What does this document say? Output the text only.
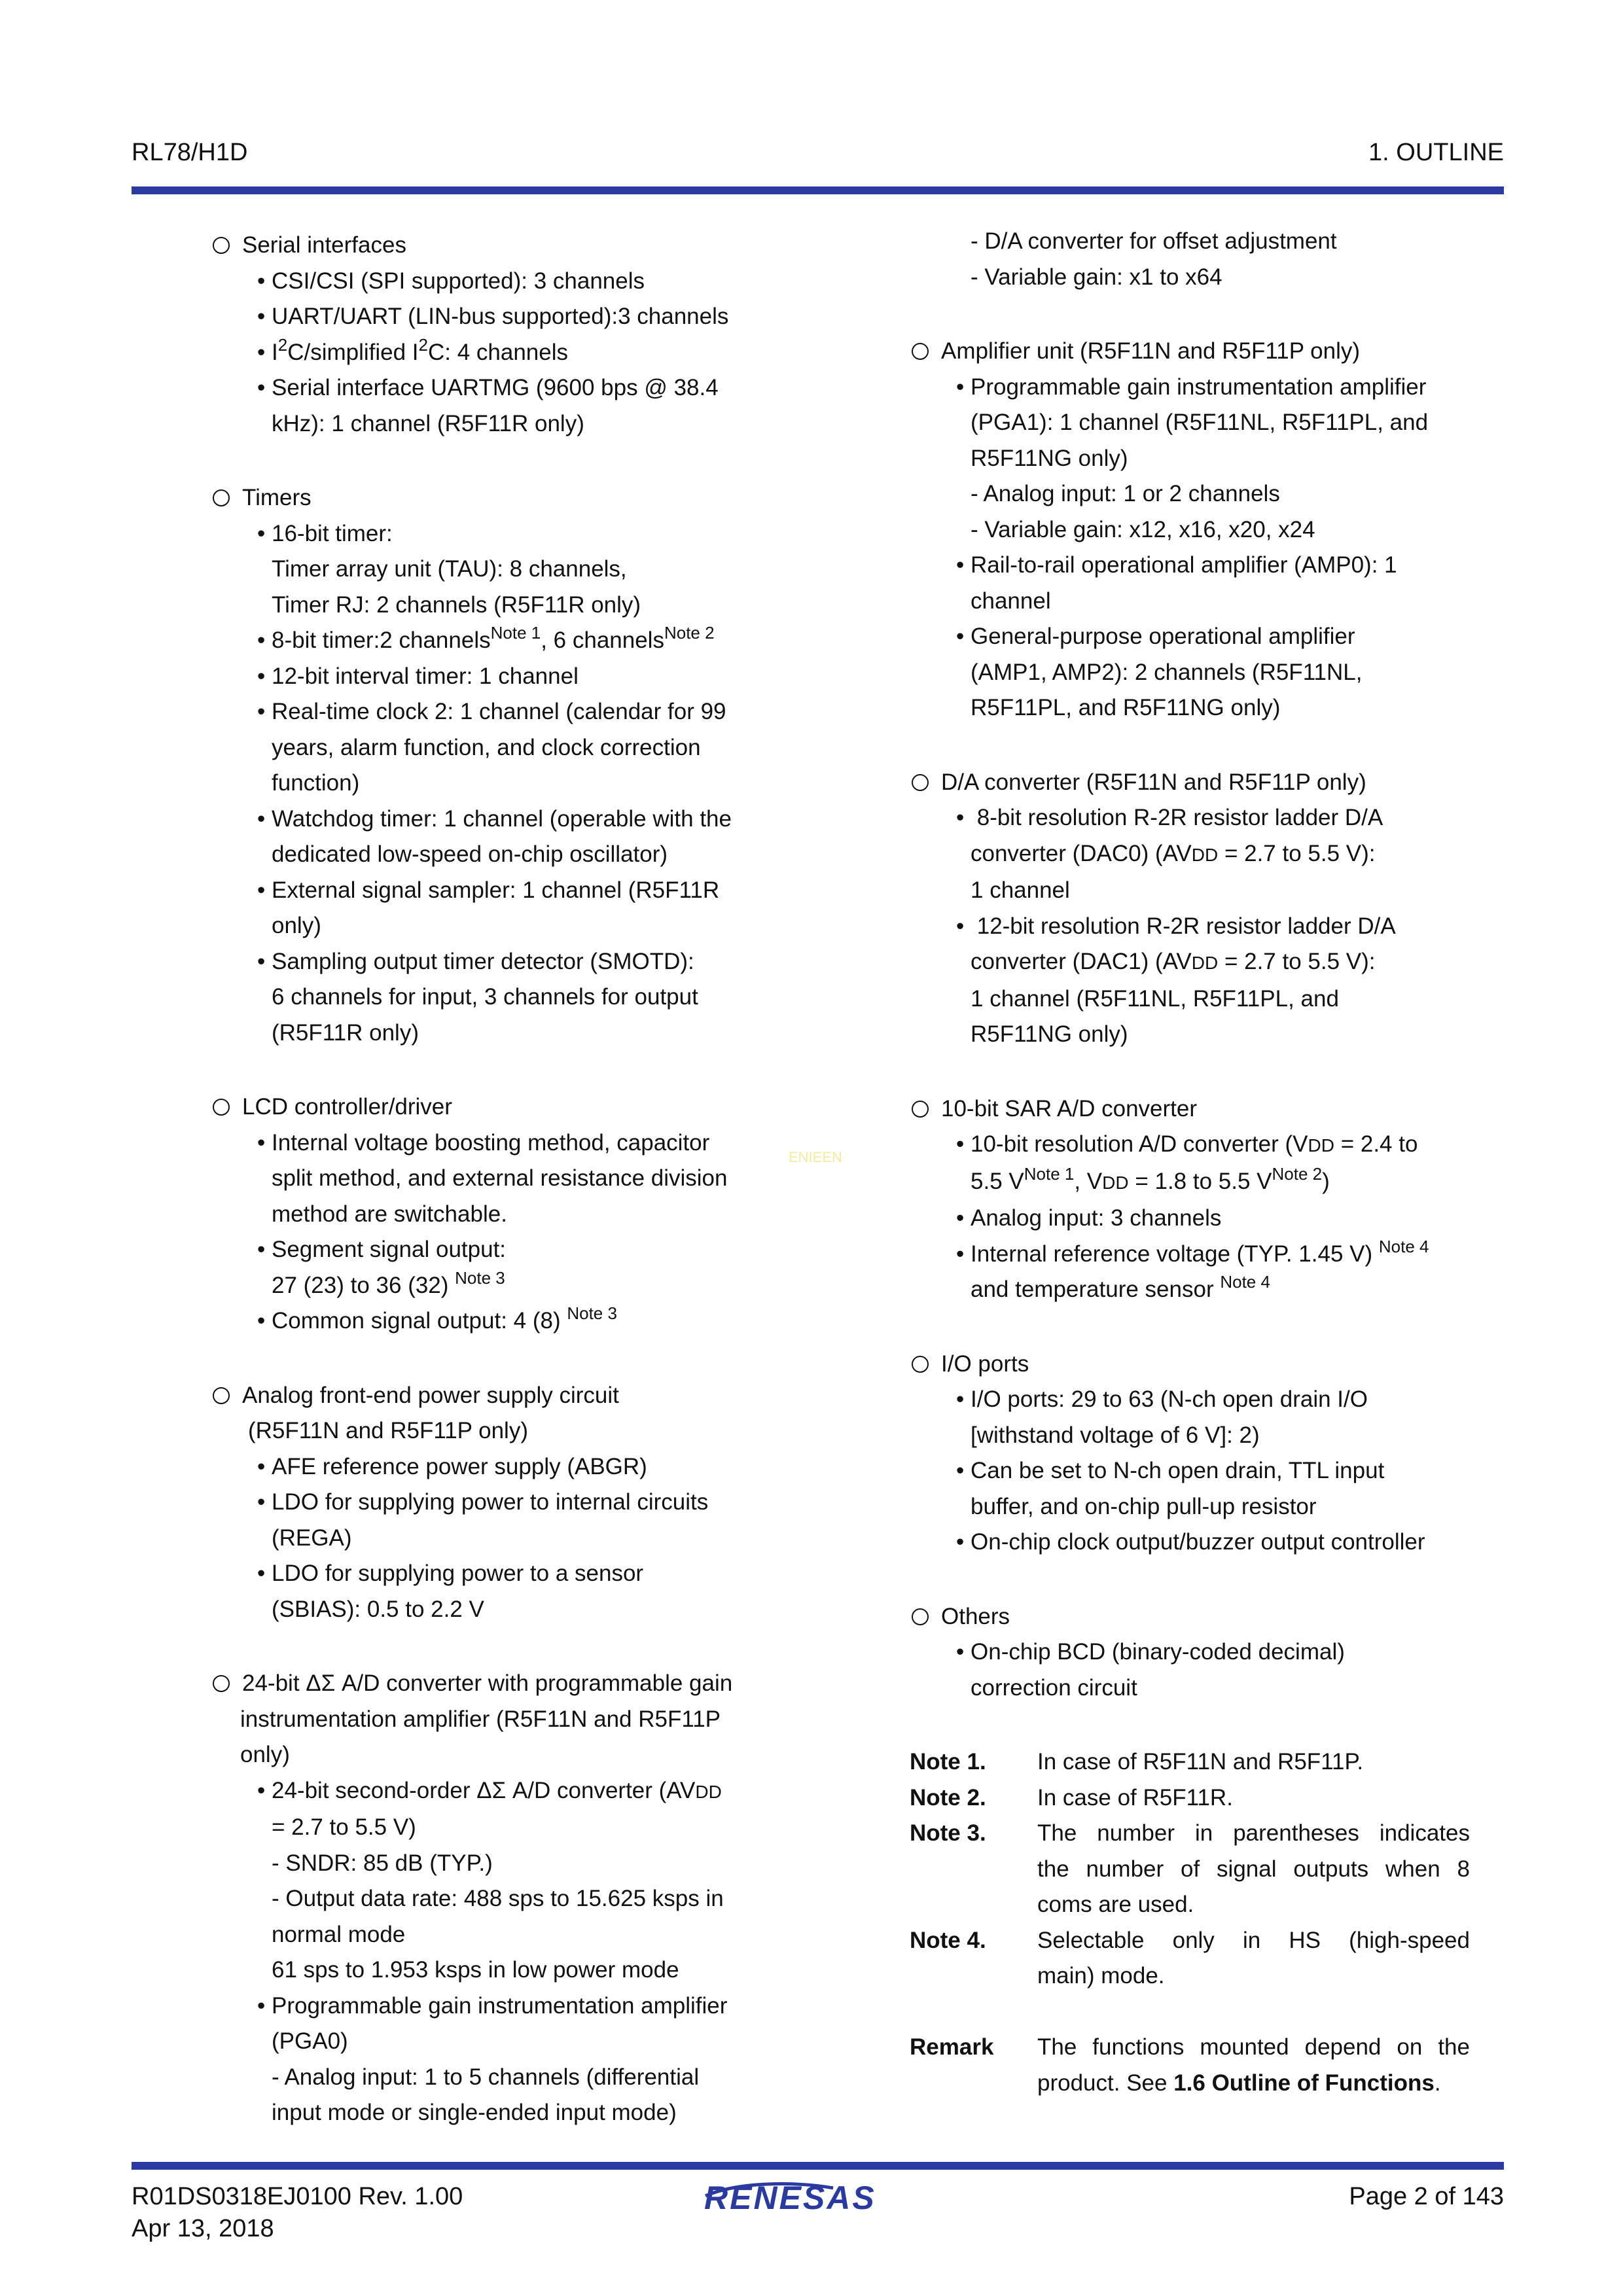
RL78/H1D	1. OUTLINE
ENIEEN
Serial interfaces
• CSI/CSI (SPI supported): 3 channels
• UART/UART (LIN-bus supported):3 channels
• $I^2C$/simplified $I^2C$: 4 channels
• Serial interface UARTMG (9600 bps @ 38.4
kHz): 1 channel (R5F11R only)
Timers
• 16-bit timer:
Timer array unit (TAU): 8 channels,
Timer RJ: 2 channels (R5F11R only)
• 8-bit timer:2 channels$^{Note 1}$, 6 channels$^{Note 2}$
• 12-bit interval timer: 1 channel
• Real-time clock 2: 1 channel (calendar for 99
years, alarm function, and clock correction
function)
• Watchdog timer: 1 channel (operable with the
dedicated low-speed on-chip oscillator)
• External signal sampler: 1 channel (R5F11R
only)
• Sampling output timer detector (SMOTD):
6 channels for input, 3 channels for output
(R5F11R only)
LCD controller/driver
• Internal voltage boosting method, capacitor
split method, and external resistance division
method are switchable.
• Segment signal output:
27 (23) to 36 (32) $^{Note 3}$
• Common signal output: 4 (8) $^{Note 3}$
Analog front-end power supply circuit
(R5F11N and R5F11P only)
• AFE reference power supply (ABGR)
• LDO for supplying power to internal circuits
(REGA)
• LDO for supplying power to a sensor
(SBIAS): 0.5 to 2.2 V
24-bit ΔΣ A/D converter with programmable gain
instrumentation amplifier (R5F11N and R5F11P
only)
• 24-bit second-order ΔΣ A/D converter (AVDD
= 2.7 to 5.5 V)
- SNDR: 85 dB (TYP.)
- Output data rate: 488 sps to 15.625 ksps in
normal mode
61 sps to 1.953 ksps in low power mode
• Programmable gain instrumentation amplifier
(PGA0)
- Analog input: 1 to 5 channels (differential
input mode or single-ended input mode)
- D/A converter for offset adjustment
- Variable gain: x1 to x64
Amplifier unit (R5F11N and R5F11P only)
• Programmable gain instrumentation amplifier
(PGA1): 1 channel (R5F11NL, R5F11PL, and
R5F11NG only)
- Analog input: 1 or 2 channels
- Variable gain: x12, x16, x20, x24
• Rail-to-rail operational amplifier (AMP0): 1
channel
• General-purpose operational amplifier
(AMP1, AMP2): 2 channels (R5F11NL,
R5F11PL, and R5F11NG only)
D/A converter (R5F11N and R5F11P only)
• 8-bit resolution R-2R resistor ladder D/A
converter (DAC0) (AVDD = 2.7 to 5.5 V):
1 channel
• 12-bit resolution R-2R resistor ladder D/A
converter (DAC1) (AVDD = 2.7 to 5.5 V):
1 channel (R5F11NL, R5F11PL, and
R5F11NG only)
10-bit SAR A/D converter
• 10-bit resolution A/D converter (VDD = 2.4 to
5.5 $V^{Note 1}$, VDD = 1.8 to 5.5 $V^{Note 2}$)
• Analog input: 3 channels
• Internal reference voltage (TYP. 1.45 V) $^{Note 4}$
and temperature sensor $^{Note 4}$
I/O ports
• I/O ports: 29 to 63 (N-ch open drain I/O
[withstand voltage of 6 V]: 2)
• Can be set to N-ch open drain, TTL input
buffer, and on-chip pull-up resistor
• On-chip clock output/buzzer output controller
Others
• On-chip BCD (binary-coded decimal)
correction circuit
Note 1. In case of R5F11N and R5F11P.
Note 2. In case of R5F11R.
Note 3. The number in parentheses indicates
the number of signal outputs when 8
coms are used.
Note 4. Selectable only in HS (high-speed
main) mode.
Remark The functions mounted depend on the
product. See 1.6 Outline of Functions.
R01DS0318EJ0100 Rev. 1.00
Apr 13, 2018
Page 2 of 143
RENESAS
